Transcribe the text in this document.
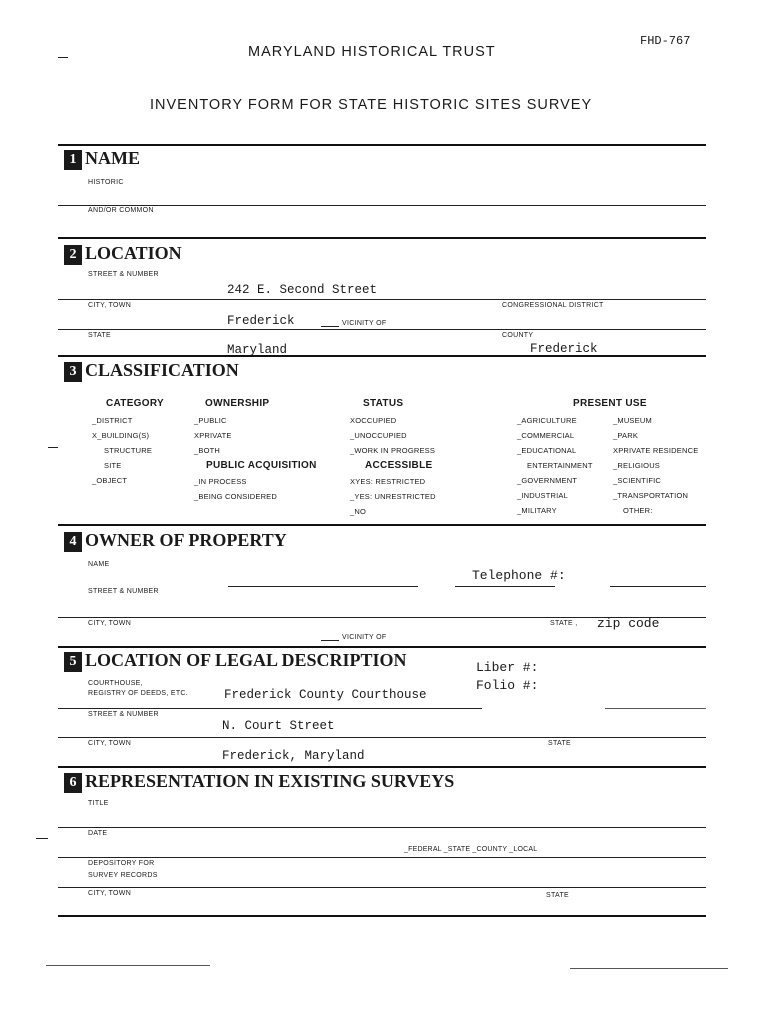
FHD-767
MARYLAND HISTORICAL TRUST
INVENTORY FORM FOR STATE HISTORIC SITES SURVEY
1 NAME
HISTORIC
AND/OR COMMON
2 LOCATION
STREET & NUMBER
242 E. Second Street
CITY, TOWN	CONGRESSIONAL DISTRICT
Frederick	VICINITY OF
STATE	COUNTY
Maryland	Frederick
3 CLASSIFICATION
CATEGORY
_DISTRICT
X_BUILDING(S)
STRUCTURE
SITE
_OBJECT
OWNERSHIP
_PUBLIC
XPRIVATE
_BOTH
PUBLIC ACQUISITION
_IN PROCESS
_BEING CONSIDERED
STATUS
XOCCUPIED
_UNOCCUPIED
_WORK IN PROGRESS
ACCESSIBLE
XYES: RESTRICTED
_YES: UNRESTRICTED
_NO
PRESENT USE
_AGRICULTURE
_COMMERCIAL
_EDUCATIONAL
ENTERTAINMENT
_GOVERNMENT
_INDUSTRIAL
_MILITARY
_MUSEUM
_PARK
XPRIVATE RESIDENCE
_RELIGIOUS
_SCIENTIFIC
_TRANSPORTATION
OTHER:
4 OWNER OF PROPERTY
NAME
Telephone #:
STREET & NUMBER
CITY, TOWN	STATE , zip code
VICINITY OF
5 LOCATION OF LEGAL DESCRIPTION	Liber #:
Folio #:
COURTHOUSE,
REGISTRY OF DEEDS, ETC.	Frederick County Courthouse
STREET & NUMBER
N. Court Street
CITY, TOWN	STATE
Frederick, Maryland
6 REPRESENTATION IN EXISTING SURVEYS
TITLE
DATE
_FEDERAL _STATE _COUNTY _LOCAL
DEPOSITORY FOR
SURVEY RECORDS
CITY, TOWN	STATE
